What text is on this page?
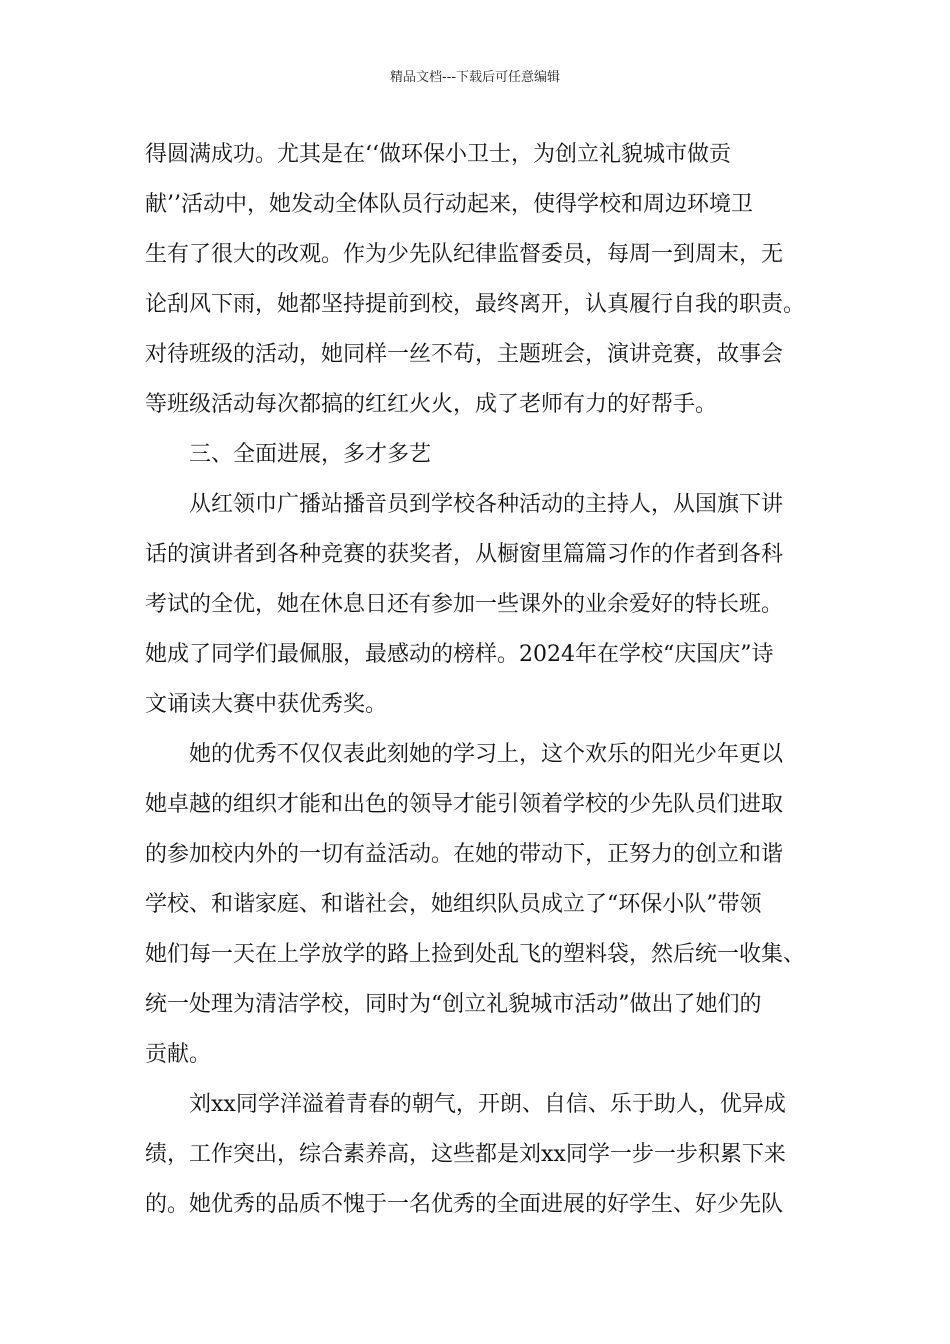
精品文档---下载后可任意编辑
得圆满成功。尤其是在‘‘做环保小卫士，为创立礼貌城市做贡
献’’活动中，她发动全体队员行动起来，使得学校和周边环境卫
生有了很大的改观。作为少先队纪律监督委员，每周一到周末，无
论刮风下雨，她都坚持提前到校，最终离开，认真履行自我的职责。
对待班级的活动，她同样一丝不苟，主题班会，演讲竞赛，故事会
等班级活动每次都搞的红红火火，成了老师有力的好帮手。
三、全面进展，多才多艺
从红领巾广播站播音员到学校各种活动的主持人，从国旗下讲
话的演讲者到各种竞赛的获奖者，从橱窗里篇篇习作的作者到各科
考试的全优，她在休息日还有参加一些课外的业余爱好的特长班。
她成了同学们最佩服，最感动的榜样。2024年在学校“庆国庆”诗
文诵读大赛中获优秀奖。
她的优秀不仅仅表此刻她的学习上，这个欢乐的阳光少年更以
她卓越的组织才能和出色的领导才能引领着学校的少先队员们进取
的参加校内外的一切有益活动。在她的带动下，正努力的创立和谐
学校、和谐家庭、和谐社会，她组织队员成立了“环保小队”带领
她们每一天在上学放学的路上捡到处乱飞的塑料袋，然后统一收集、
统一处理为清洁学校，同时为“创立礼貌城市活动”做出了她们的
贡献。
刘xx同学洋溢着青春的朝气，开朗、自信、乐于助人，优异成
绩，工作突出，综合素养高，这些都是刘xx同学一步一步积累下来
的。她优秀的品质不愧于一名优秀的全面进展的好学生、好少先队
